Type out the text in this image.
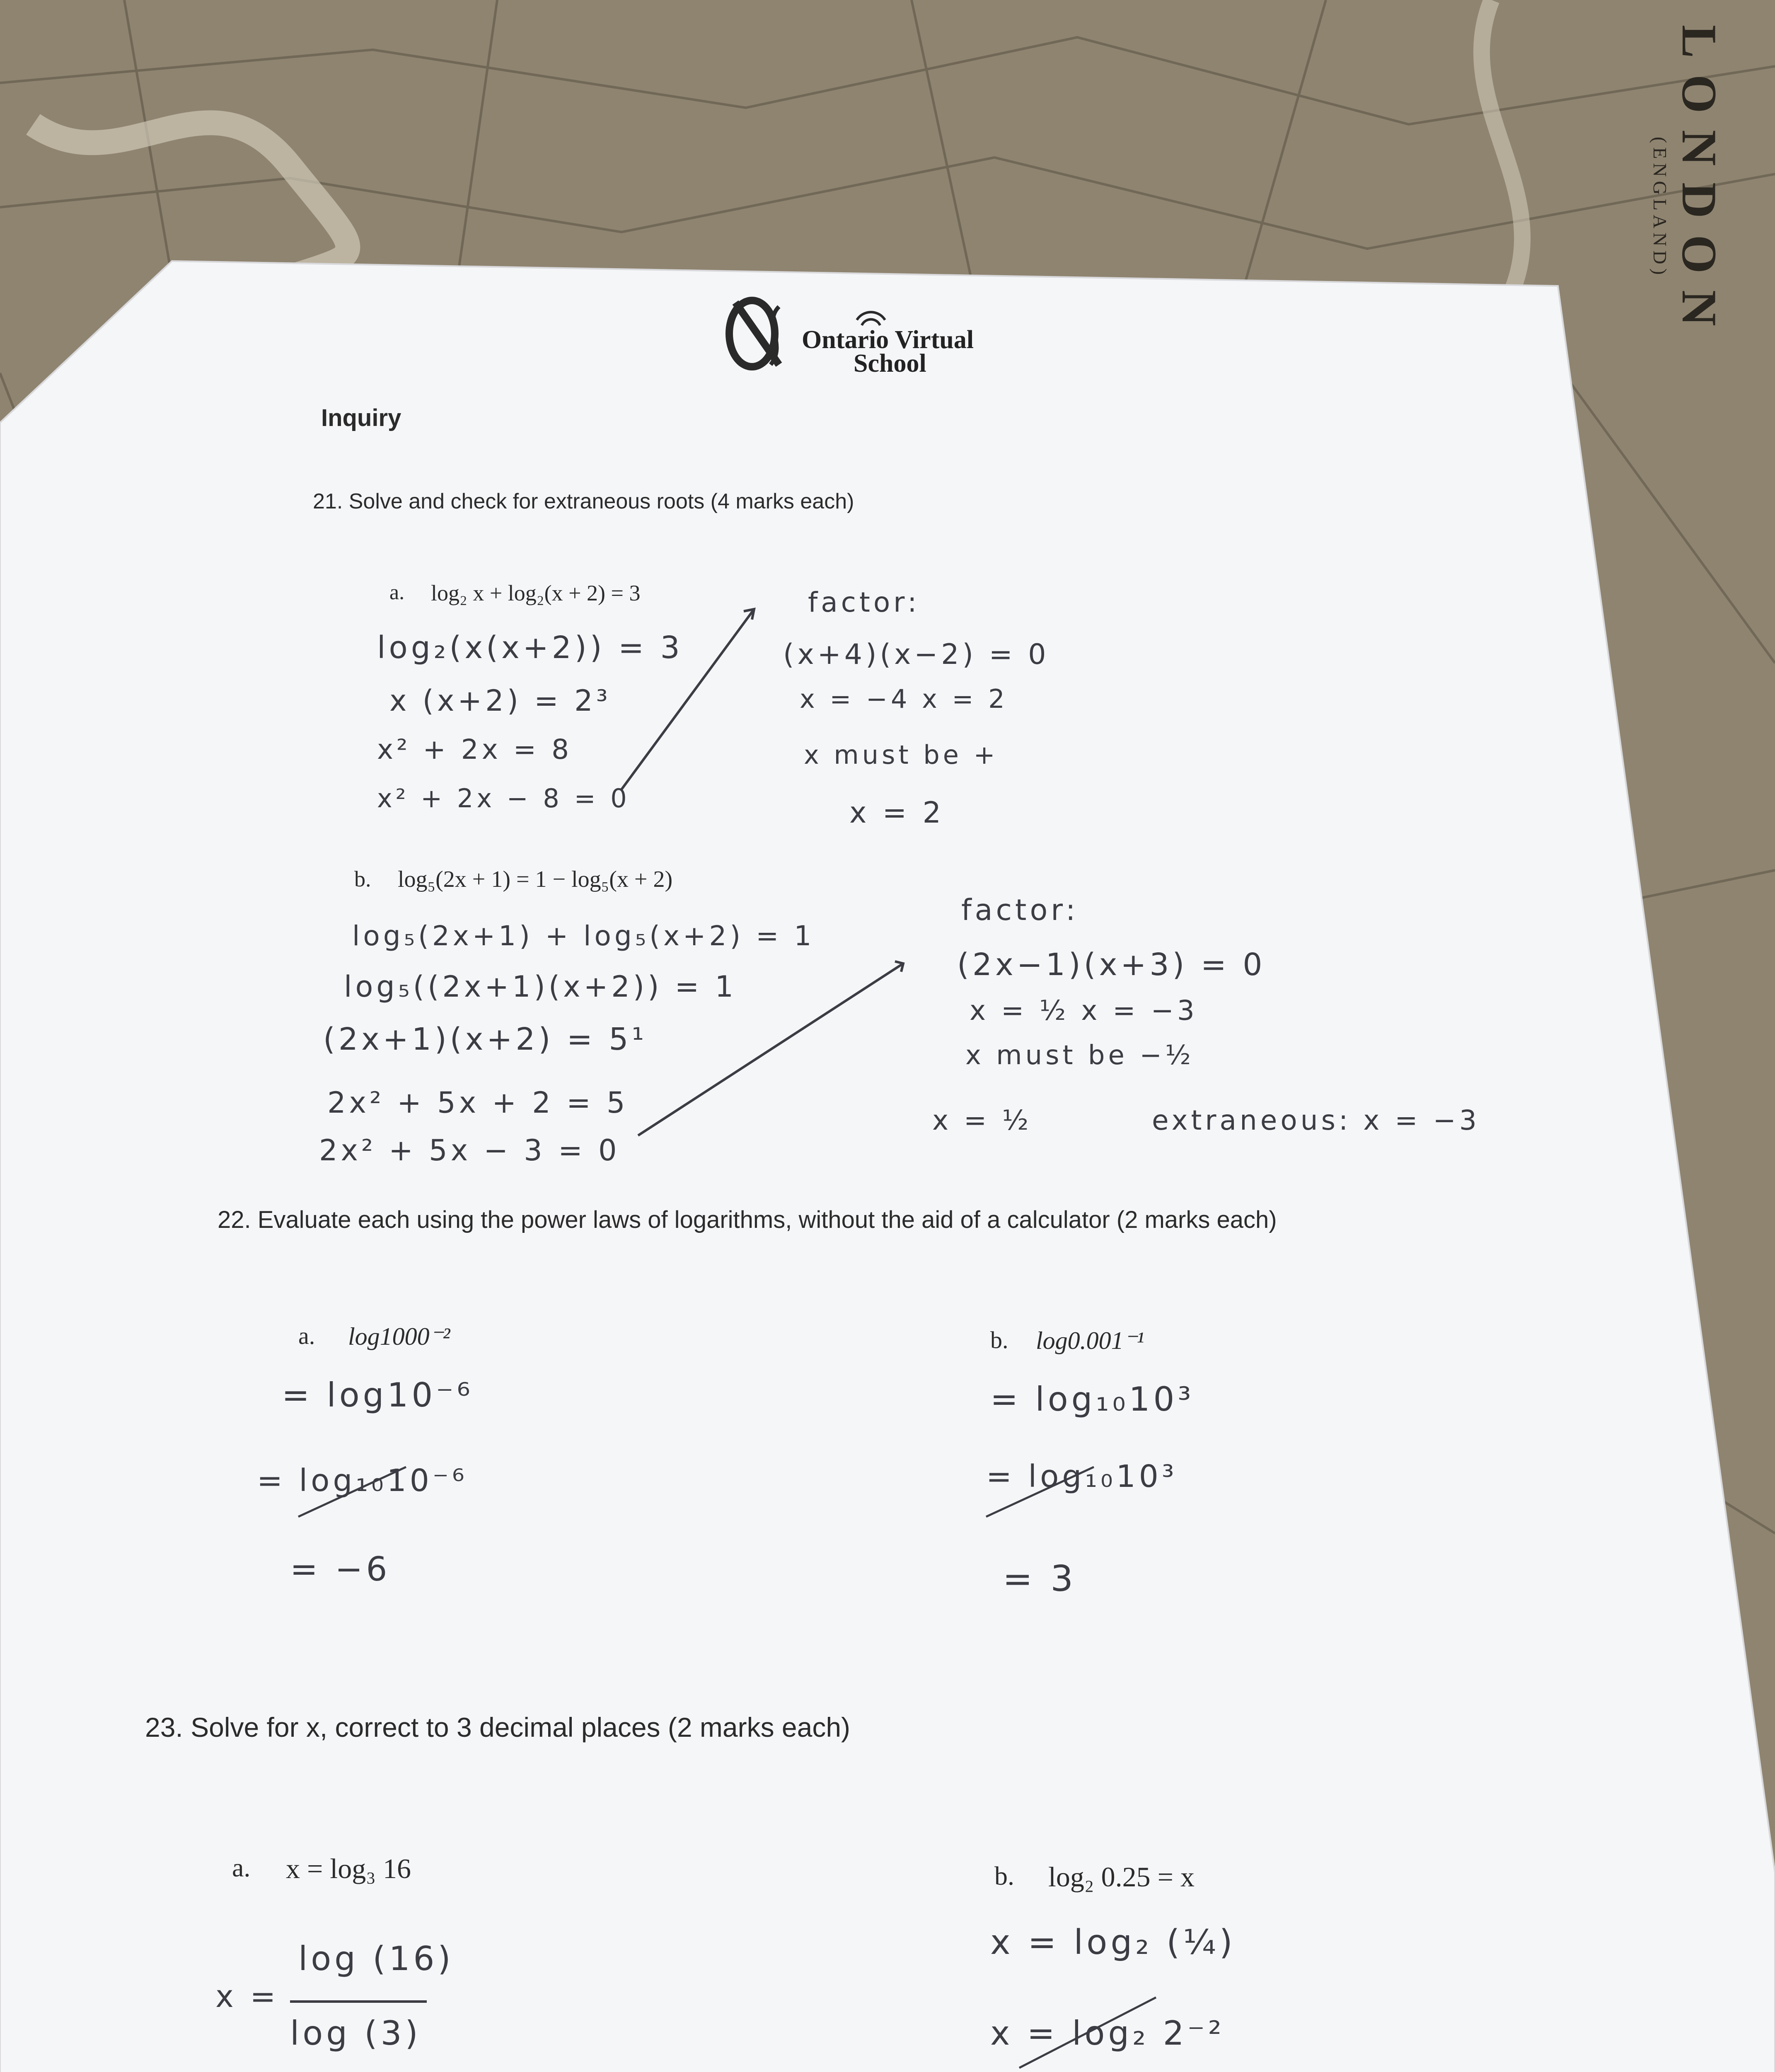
LONDON
(ENGLAND)
Ontario Virtual
School
Inquiry
21. Solve and check for extraneous roots (4 marks each)
a. log₂ x + log₂(x + 2) = 3
log₂(x(x+2)) = 3
x (x+2) = 2³
x² + 2x = 8
x² + 2x − 8 = 0
factor:
(x+4)(x−2) = 0
x = −4 x = 2
x must be +
x = 2
b. log₅(2x + 1) = 1 − log₅(x + 2)
log₅(2x+1) + log₅(x+2) = 1
log₅((2x+1)(x+2)) = 1
(2x+1)(x+2) = 5¹
2x² + 5x + 2 = 5
2x² + 5x − 3 = 0
factor:
(2x−1)(x+3) = 0
x = ½ x = −3
x must be −½
x = ½	extraneous: x = −3
22. Evaluate each using the power laws of logarithms, without the aid of a calculator (2 marks each)
a. log1000⁻²
= log10⁻⁶
= log₁₀10⁻⁶
= −6
b. log0.001⁻¹
= log₁₀10³
= log₁₀10³
= 3
23. Solve for x, correct to 3 decimal places (2 marks each)
a. x = log₃ 16
x =
log (16)
log (3)
b. log₂ 0.25 = x
x = log₂ (¼)
x = log₂ 2⁻²
